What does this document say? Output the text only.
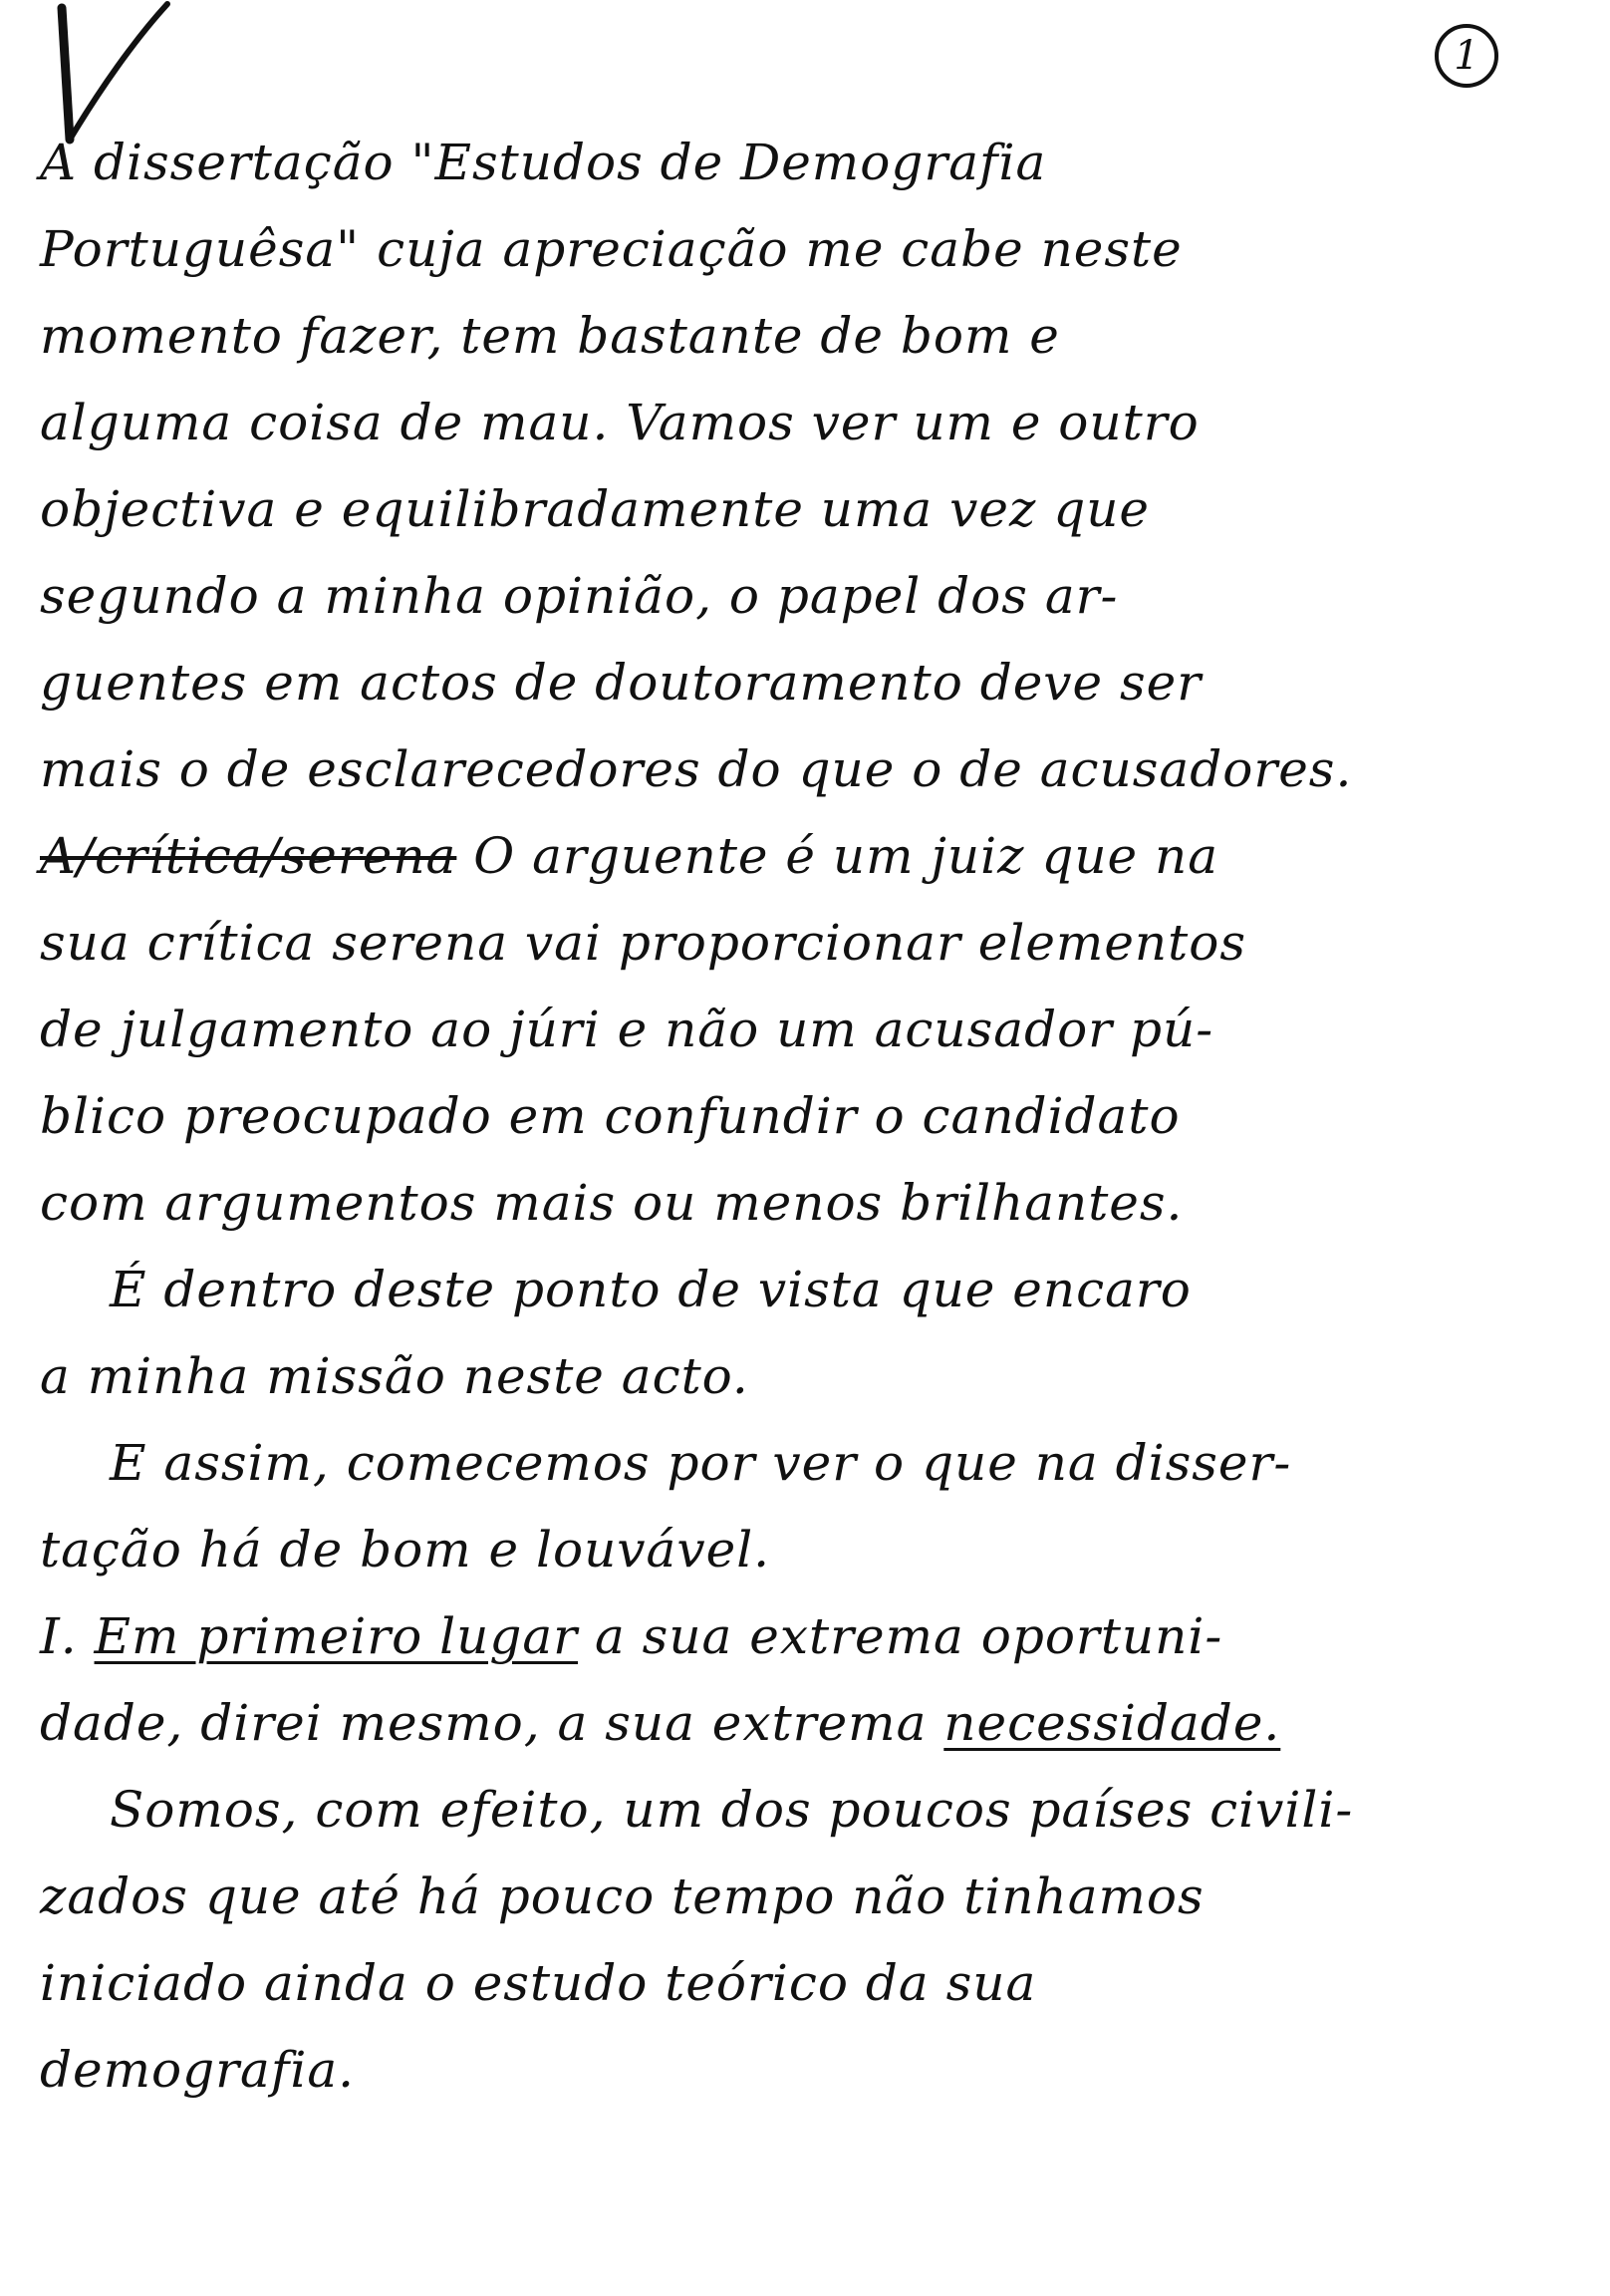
1
A dissertação "Estudos de Demografia
Portuguêsa" cuja apreciação me cabe neste
momento fazer, tem bastante de bom e
alguma coisa de mau. Vamos ver um e outro
objectiva e equilibradamente uma vez que
segundo a minha opinião, o papel dos ar-
guentes em actos de doutoramento deve ser
mais o de esclarecedores do que o de acusadores.
A/crítica/serena O arguente é um juiz que na
sua crítica serena vai proporcionar elementos
de julgamento ao júri e não um acusador pú-
blico preocupado em confundir o candidato
com argumentos mais ou menos brilhantes.
É dentro deste ponto de vista que encaro
a minha missão neste acto.
E assim, comecemos por ver o que na disser-
tação há de bom e louvável.
I. Em primeiro lugar a sua extrema oportuni-
dade, direi mesmo, a sua extrema necessidade.
Somos, com efeito, um dos poucos países civili-
zados que até há pouco tempo não tinhamos
iniciado ainda o estudo teórico da sua
demografia.
